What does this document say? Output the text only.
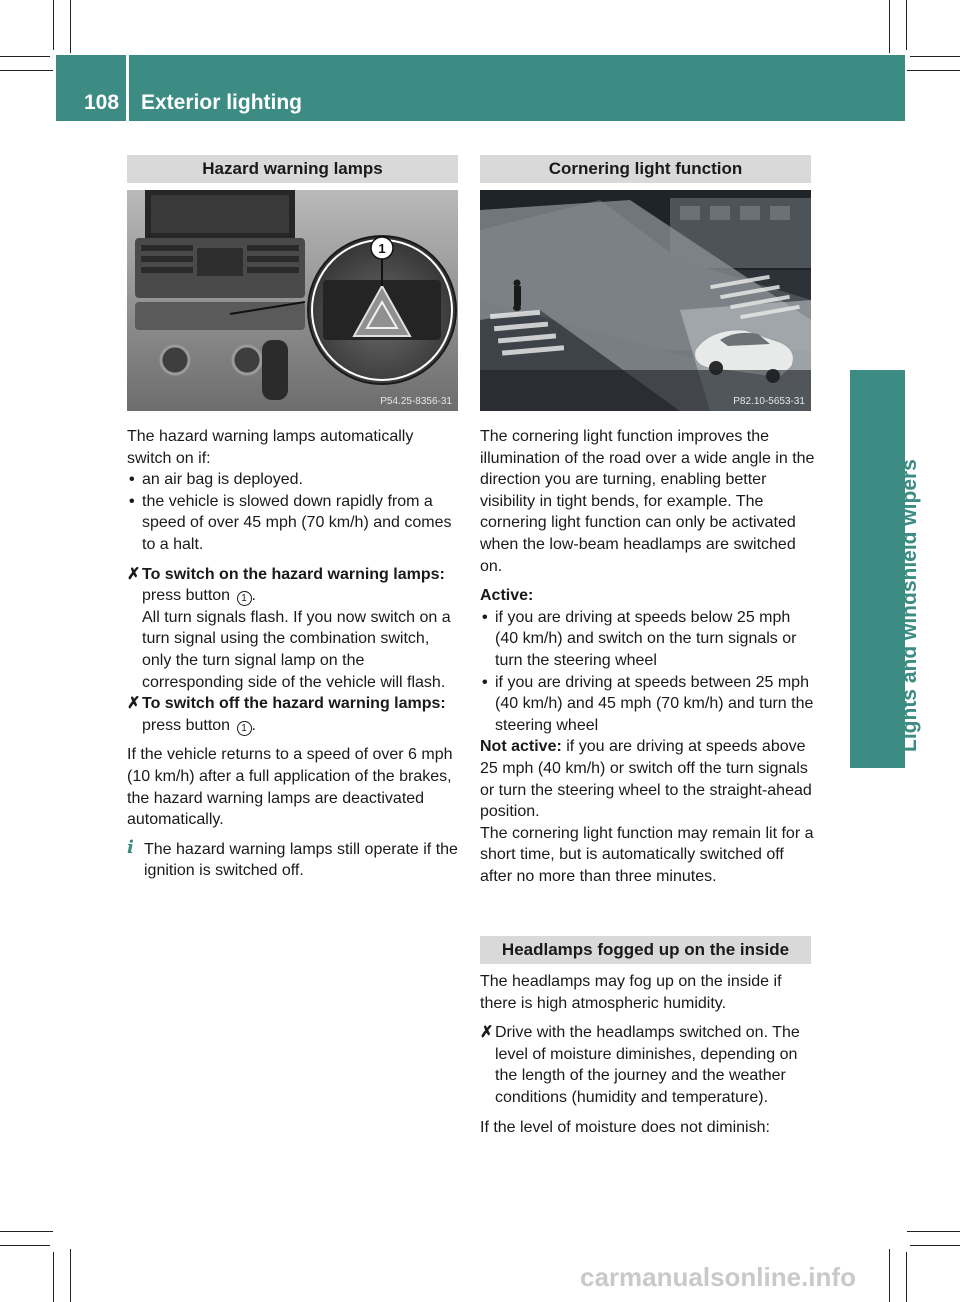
108 Exterior lighting
Lights and windshield wipers
Hazard warning lamps
1
P54.25-8356-31

The hazard warning lamps automatically switch on if:

• an air bag is deployed.

• the vehicle is slowed down rapidly from a speed of over 45 mph (70 km/h) and comes to a halt.

✗ To switch on the hazard warning lamps:
press button 1 .
All turn signals flash. If you now switch on a turn signal using the combination switch, only the turn signal lamp on the corresponding side of the vehicle will flash.

✗ To switch off the hazard warning lamps: press button 1 .

If the vehicle returns to a speed of over 6 mph (10 km/h) after a full application of the brakes, the hazard warning lamps are deactivated automatically.

i The hazard warning lamps still operate if the ignition is switched off.

Cornering light function
P82.10-5653-31

The cornering light function improves the illumination of the road over a wide angle in the direction you are turning, enabling better visibility in tight bends, for example. The cornering light function can only be activated when the low-beam headlamps are switched on.

Active:

• if you are driving at speeds below 25 mph (40 km/h) and switch on the turn signals or turn the steering wheel

• if you are driving at speeds between 25 mph (40 km/h) and 45 mph (70 km/h) and turn the steering wheel

Not active: if you are driving at speeds above 25 mph (40 km/h) or switch off the turn signals or turn the steering wheel to the straight-ahead position.

The cornering light function may remain lit for a short time, but is automatically switched off after no more than three minutes.

Headlamps fogged up on the inside

The headlamps may fog up on the inside if there is high atmospheric humidity.

✗ Drive with the headlamps switched on. The level of moisture diminishes, depending on the length of the journey and the weather conditions (humidity and temperature).

If the level of moisture does not diminish:

carmanualsonline.info
